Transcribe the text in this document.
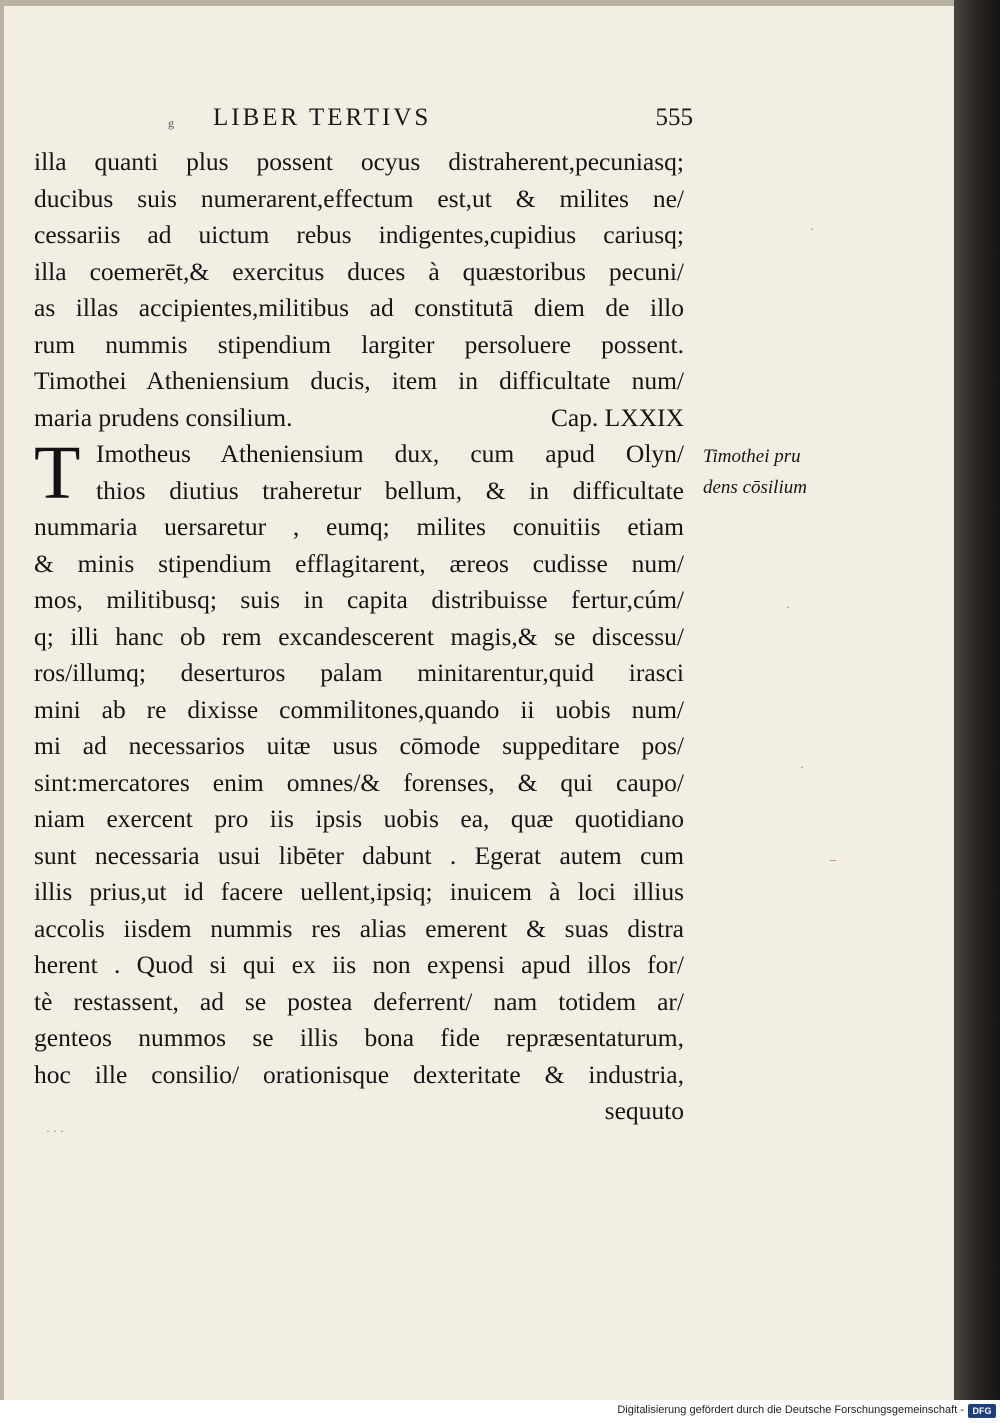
Digitalisierung gefördert durch die Deutsche Forschungsgemeinschaft - DFG
g LIBER TERTIVS	555
illa quanti plus possent ocyus distraherent,pecuniasq;
ducibus suis numerarent,effectum est,ut & milites ne/
cessariis ad uictum rebus indigentes,cupidius cariusq;
illa coemerēt,& exercitus duces à quæstoribus pecuni/
as illas accipientes,militibus ad constitutā diem de illo
rum nummis stipendium largiter persoluere possent.
Timothei Atheniensium ducis, item in difficultate num/
maria prudens consilium.	Cap. LXXIX
T Imotheus Atheniensium dux, cum apud Olyn/
thios diutius traheretur bellum, & in difficultate
nummaria uersaretur , eumq; milites conuitiis etiam
& minis stipendium efflagitarent, æreos cudisse num/
mos, militibusq; suis in capita distribuisse fertur,cúm/
q; illi hanc ob rem excandescerent magis,& se discessu/
ros/illumq; deserturos palam minitarentur,quid irasci
mini ab re dixisse commilitones,quando ii uobis num/
mi ad necessarios uitæ usus cōmode suppeditare pos/
sint:mercatores enim omnes/& forenses, & qui caupo/
niam exercent pro iis ipsis uobis ea, quæ quotidiano
sunt necessaria usui libēter dabunt . Egerat autem cum
illis prius,ut id facere uellent,ipsiq; inuicem à loci illius
accolis iisdem nummis res alias emerent & suas distra
herent . Quod si qui ex iis non expensi apud illos for/
tè restassent, ad se postea deferrent/ nam totidem ar/
genteos nummos se illis bona fide repræsentaturum,
hoc ille consilio/ orationisque dexteritate & industria,
sequuto
Timothei pru
dens cōsilium
·
·
·
–
· · ·
